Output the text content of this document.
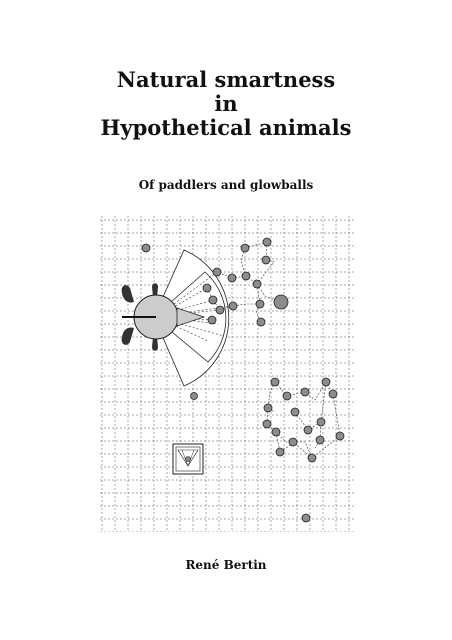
Natural smartness
in
Hypothetical animals
Of paddlers and glowballs
René Bertin
